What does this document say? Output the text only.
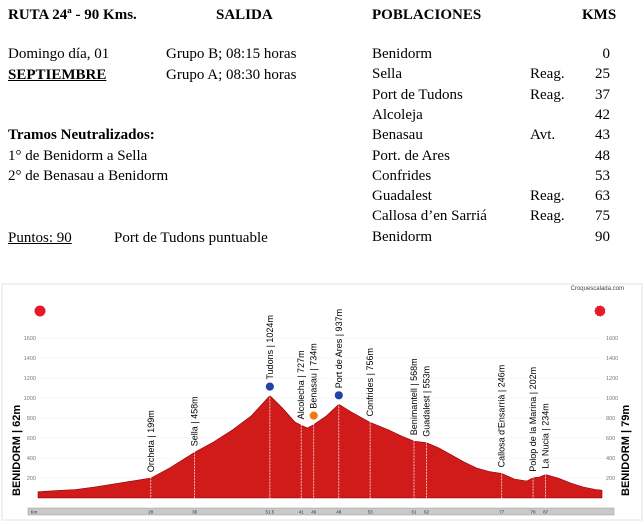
RUTA 24ª - 90 Kms.	SALIDA	POBLACIONES	KMS
Domingo día, 01
SEPTIEMBRE
Grupo B; 08:15 horas
Grupo A; 08:30 horas
Tramos Neutralizados:
1° de Benidorm a Sella
2° de Benasau a Benidorm
Puntos: 90	Port de Tudons puntuable
Benidorm	0
Sella	Reag.	25
Port de Tudons	Reag.	37
Alcoleja	42
Benasau	Avt.	43
Port. de Ares	48
Confrides	53
Guadalest	Reag.	63
Callosa d’en Sarriá	Reag.	75
Benidorm	90
1600	1600
1400	1400
1200	1200
1000	1000
800	800
600	600
400	400
200	200
Km	28	38	51.5	41 46	48	53	61 62	77	78 87
Orcheta | 199m	Sella | 458m
Tudons | 1024m
Alcolecha | 727m Benasau | 734m Port de Ares | 937m Confrides | 756m	Benimantell | 568m Guadalest | 553m	Callosa d'Ensarrià | 246m Polop de la Marina | 202m La Nucia | 234m
BENIDORM | 62m	BENIDORM | 79m
Croquescalada.com
